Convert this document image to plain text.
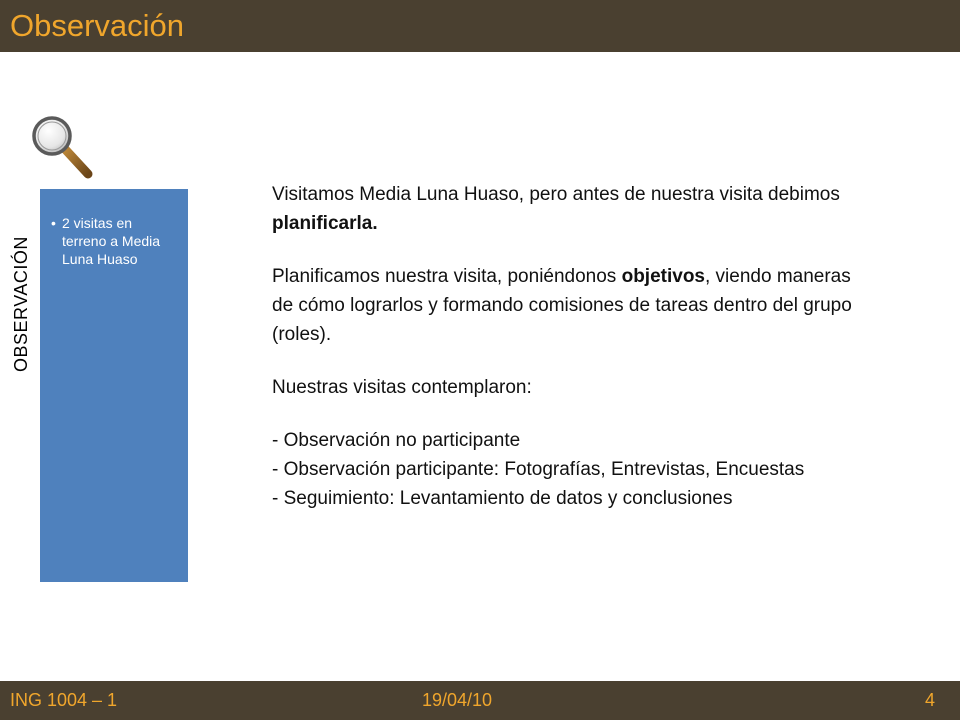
Observación
OBSERVACIÓN
• 2 visitas en terreno a Media Luna Huaso

Visitamos Media Luna Huaso, pero antes de nuestra visita debimos planificarla.

Planificamos nuestra visita, poniéndonos objetivos, viendo maneras de cómo lograrlos y formando comisiones de tareas dentro del grupo (roles).

Nuestras visitas contemplaron:

- Observación no participante

- Observación participante: Fotografías, Entrevistas, Encuestas

- Seguimiento: Levantamiento de datos y conclusiones

ING 1004 – 1	19/04/10	4
